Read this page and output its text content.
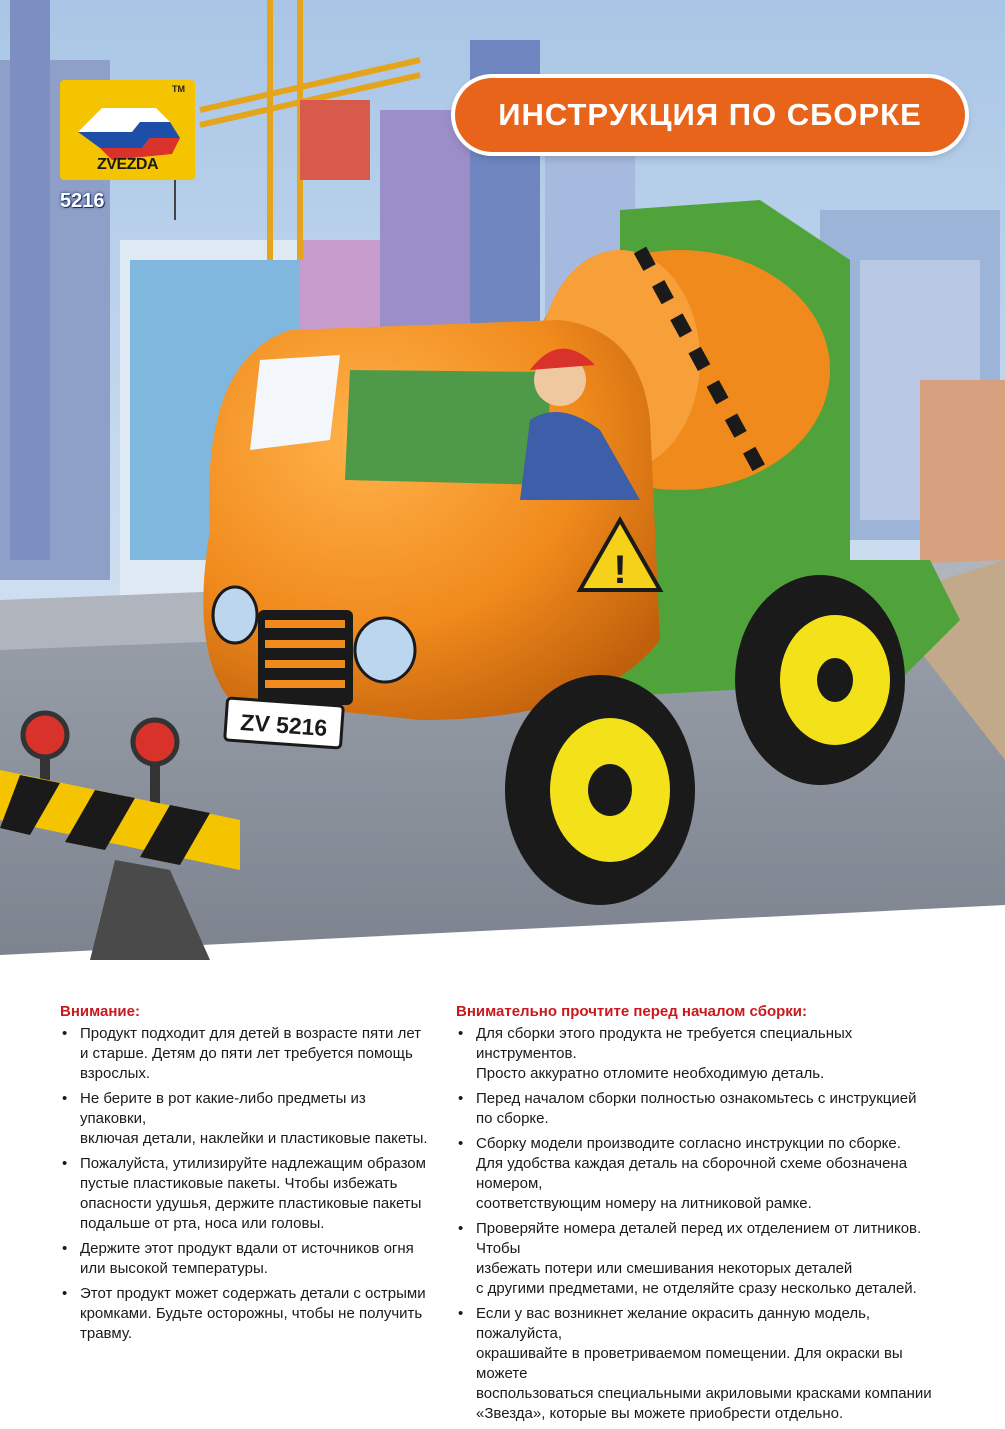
!
ZV 5216
TM
ZVEZDA
5216
ИНСТРУКЦИЯ ПО СБОРКЕ
Внимание:
• Продукт подходит для детей в возрасте пяти лет
и старше. Детям до пяти лет требуется помощь
взрослых.
• Не берите в рот какие-либо предметы из упаковки,
включая детали, наклейки и пластиковые пакеты.
• Пожалуйста, утилизируйте надлежащим образом
пустые пластиковые пакеты. Чтобы избежать
опасности удушья, держите пластиковые пакеты
подальше от рта, носа или головы.
• Держите этот продукт вдали от источников огня
или высокой температуры.
• Этот продукт может содержать детали с острыми
кромками. Будьте осторожны, чтобы не получить
травму.
Внимательно прочтите перед началом сборки:
• Для сборки этого продукта не требуется специальных инструментов.
Просто аккуратно отломите необходимую деталь.
• Перед началом сборки полностью ознакомьтесь с инструкцией
по сборке.
• Сборку модели производите согласно инструкции по сборке.
Для удобства каждая деталь на сборочной схеме обозначена номером,
соответствующим номеру на литниковой рамке.
• Проверяйте номера деталей перед их отделением от литников. Чтобы
избежать потери или смешивания некоторых деталей
с другими предметами, не отделяйте сразу несколько деталей.
• Если у вас возникнет желание окрасить данную модель, пожалуйста,
окрашивайте в проветриваемом помещении. Для окраски вы можете
воспользоваться специальными акриловыми красками компании
«Звезда», которые вы можете приобрести отдельно.
